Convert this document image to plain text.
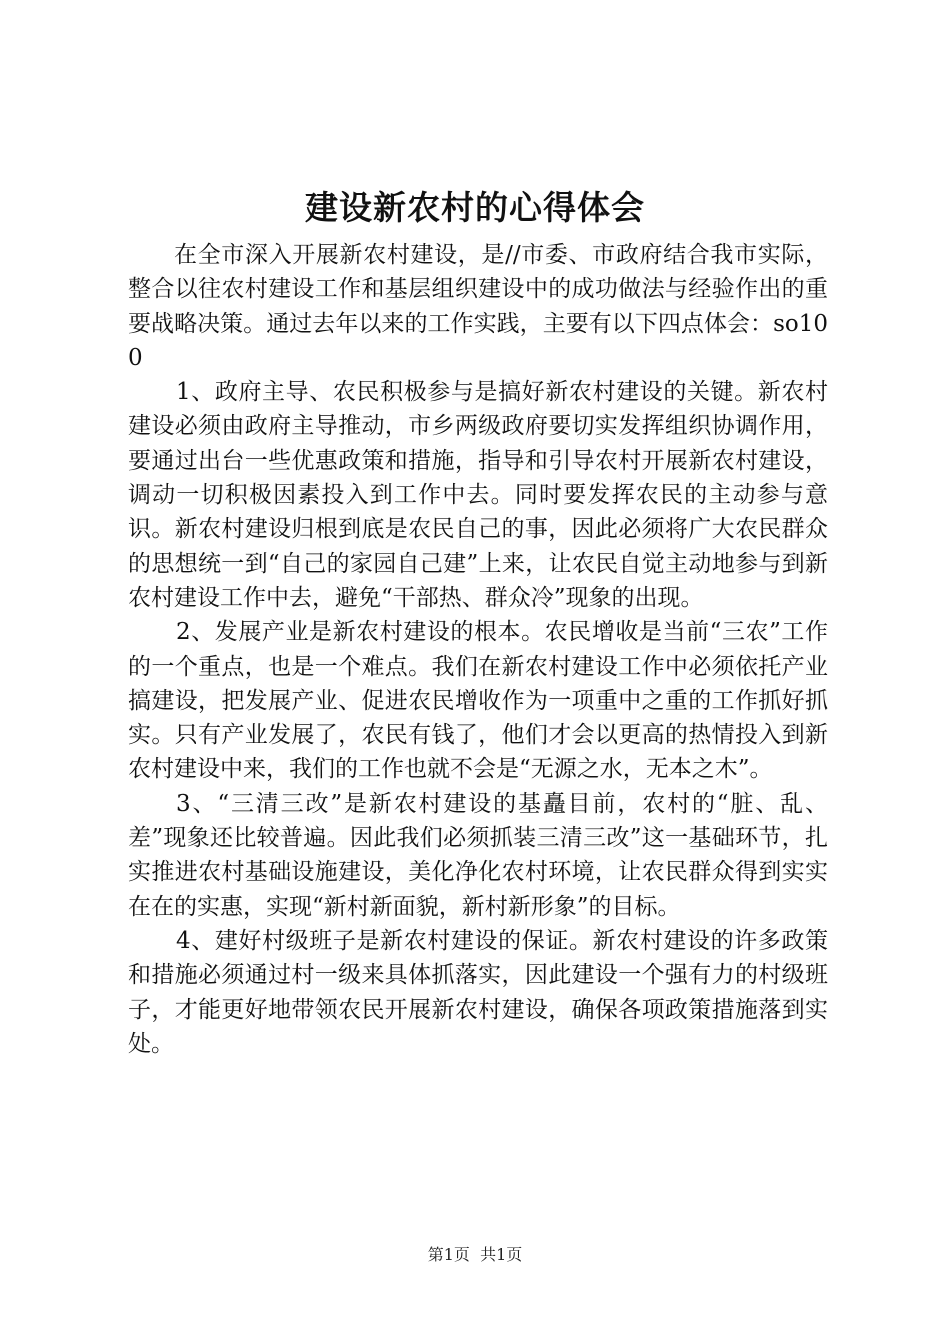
建设新农村的心得体会

在全市深入开展新农村建设，是//市委、市政府结合我市实际，整合以往农村建设工作和基层组织建设中的成功做法与经验作出的重要战略决策。通过去年以来的工作实践，主要有以下四点体会：so100

1、政府主导、农民积极参与是搞好新农村建设的关键。新农村建设必须由政府主导推动，市乡两级政府要切实发挥组织协调作用，要通过出台一些优惠政策和措施，指导和引导农村开展新农村建设，调动一切积极因素投入到工作中去。同时要发挥农民的主动参与意识。新农村建设归根到底是农民自己的事，因此必须将广大农民群众的思想统一到“自己的家园自己建”上来，让农民自觉主动地参与到新农村建设工作中去，避免“干部热、群众冷”现象的出现。

2、发展产业是新农村建设的根本。农民增收是当前“三农”工作的一个重点，也是一个难点。我们在新农村建设工作中必须依托产业搞建设，把发展产业、促进农民增收作为一项重中之重的工作抓好抓实。只有产业发展了，农民有钱了，他们才会以更高的热情投入到新农村建设中来，我们的工作也就不会是“无源之水，无本之木”。

3、“三清三改”是新农村建设的基矗目前，农村的“脏、乱、差”现象还比较普遍。因此我们必须抓装三清三改”这一基础环节，扎实推进农村基础设施建设，美化净化农村环境，让农民群众得到实实在在的实惠，实现“新村新面貌，新村新形象”的目标。

4、建好村级班子是新农村建设的保证。新农村建设的许多政策和措施必须通过村一级来具体抓落实，因此建设一个强有力的村级班子，才能更好地带领农民开展新农村建设，确保各项政策措施落到实处。

第1页 共1页
